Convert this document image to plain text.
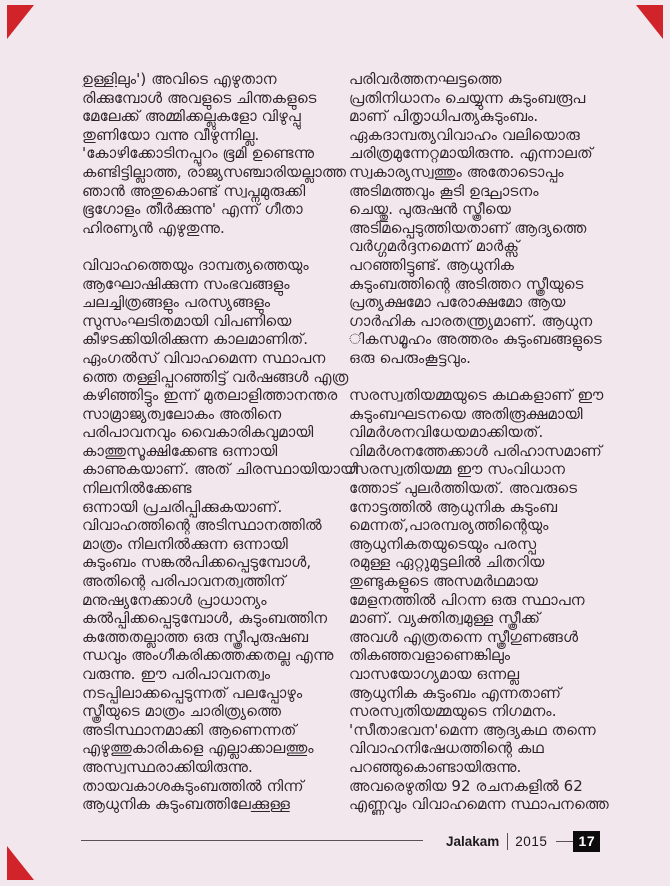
ഉള്ളിലും') അവിടെ എഴുതാന
രിക്കുമ്പോൾ അവളുടെ ചിന്തകളുടെ
മേലേക്ക് അമ്മിക്കല്ലുകളോ വിഴുപ്പു
തുണിയോ വന്നു വീഴുന്നില്ല.
'കോഴിക്കോടിനപ്പുറം ഭൂമി ഉണ്ടെന്നു
കണ്ടിട്ടില്ലാത്ത, രാജ്യസഞ്ചാരിയല്ലാത്ത
ഞാൻ അതുകൊണ്ട് സ്വപ്നമുരുക്കി
ഭൂഗോളം തീർക്കുന്നു' എന്ന് ഗീതാ
ഹിരണ്യൻ എഴുതുന്നു.
വിവാഹത്തെയും ദാമ്പത്യത്തെയും
ആഘോഷിക്കുന്ന സംഭവങ്ങളും
ചലച്ചിത്രങ്ങളും പരസ്യങ്ങളും
സുസംഘടിതമായി വിപണിയെ
കീഴടക്കിയിരിക്കുന്ന കാലമാണിത്.
ഏംഗൽസ് വിവാഹമെന്ന സ്ഥാപന
ത്തെ തള്ളിപ്പറഞ്ഞിട്ട് വർഷങ്ങൾ എത്ര
കഴിഞ്ഞിട്ടും ഇന്ന് മുതലാളിത്താനന്തര
സാമ്രാജ്യത്വലോകം അതിനെ
പരിപാവനവും വൈകാരികവുമായി
കാത്തുസൂക്ഷിക്കേണ്ട ഒന്നായി
കാണുകയാണ്. അത് ചിരസ്ഥായിയായി
നിലനിൽക്കേണ്ട
ഒന്നായി പ്രചരിപ്പിക്കുകയാണ്.
വിവാഹത്തിന്റെ അടിസ്ഥാനത്തിൽ
മാത്രം നിലനിൽക്കുന്ന ഒന്നായി
കുടുംബം സങ്കൽപിക്കപ്പെടുമ്പോൾ,
അതിന്റെ പരിപാവനത്വത്തിന്
മനുഷ്യനേക്കാൾ പ്രാധാന്യം
കൽപ്പിക്കപ്പെടുമ്പോൾ, കുടുംബത്തിന
കത്തേതല്ലാത്ത ഒരു സ്ത്രീപുരുഷബ
ന്ധവും അംഗീകരിക്കത്തക്കതല്ല എന്നു
വരുന്നു. ഈ പരിപാവനത്വം
നടപ്പിലാക്കപ്പെടുന്നത് പലപ്പോഴും
സ്ത്രീയുടെ മാത്രം ചാരിത്ര്യത്തെ
അടിസ്ഥാനമാക്കി ആണെന്നത്
എഴുത്തുകാരികളെ എല്ലാക്കാലത്തും
അസ്വസ്ഥരാക്കിയിരുന്നു.
തായവകാശകുടുംബത്തിൽ നിന്ന്
ആധുനിക കുടുംബത്തിലേക്കുള്ള
പരിവർത്തനഘട്ടത്തെ
പ്രതിനിധാനം ചെയ്യുന്ന കുടുംബരൂപ
മാണ് പിതൃാധിപത്യകുടുംബം.
ഏകദാമ്പത്യവിവാഹം വലിയൊരു
ചരിത്രമുന്നേറ്റമായിരുന്നു. എന്നാലത്
സ്വകാര്യസ്വത്തും അതോടൊപ്പം
അടിമത്തവും കൂടി ഉദ്ഘാടനം
ചെയ്തു. പുരുഷൻ സ്ത്രീയെ
അടിമപ്പെടുത്തിയതാണ് ആദ്യത്തെ
വർഗ്ഗമർദ്ദനമെന്ന് മാർക്സ്
പറഞ്ഞിട്ടുണ്ട്. ആധുനിക
കുടുംബത്തിന്റെ അടിത്തറ സ്ത്രീയുടെ
പ്രത്യക്ഷമോ പരോക്ഷമോ ആയ
ഗാർഹിക പാരതന്ത്ര്യമാണ്. ആധുന
ികസമൂഹം അത്തരം കുടുംബങ്ങളുടെ
ഒരു പെരുംകൂട്ടവും.
സരസ്വതിയമ്മയുടെ കഥകളാണ് ഈ
കുടുംബഘടനയെ അതിരൂക്ഷമായി
വിമർശനവിധേയമാക്കിയത്.
വിമർശനത്തേക്കാൾ പരിഹാസമാണ്
സരസ്വതിയമ്മ ഈ സംവിധാന
ത്തോട് പുലർത്തിയത്. അവരുടെ
നോട്ടത്തിൽ ആധുനിക കുടുംബ
മെന്നത്,പാരമ്പര്യത്തിന്റെയും
ആധുനികതയുടെയും പരസ്പ
രമുള്ള ഏറ്റുമുട്ടലിൽ ചിതറിയ
തുണ്ടുകളുടെ അസമർഥമായ
മേളനത്തിൽ പിറന്ന ഒരു സ്ഥാപന
മാണ്. വ്യക്തിത്വമുള്ള സ്ത്രീക്ക്
അവൾ എത്രതന്നെ സ്ത്രീഗുണങ്ങൾ
തികഞ്ഞവളാണെങ്കിലും
വാസയോഗ്യമായ ഒന്നല്ല
ആധുനിക കുടുംബം എന്നതാണ്
സരസ്വതിയമ്മയുടെ നിഗമനം.
'സീതാഭവന'മെന്ന ആദ്യകഥ തന്നെ
വിവാഹനിഷേധത്തിന്റെ കഥ
പറഞ്ഞുകൊണ്ടായിരുന്നു.
അവരെഴുതിയ 92 രചനകളിൽ 62
എണ്ണവും വിവാഹമെന്ന സ്ഥാപനത്തെ
Jalakam 2015 17
